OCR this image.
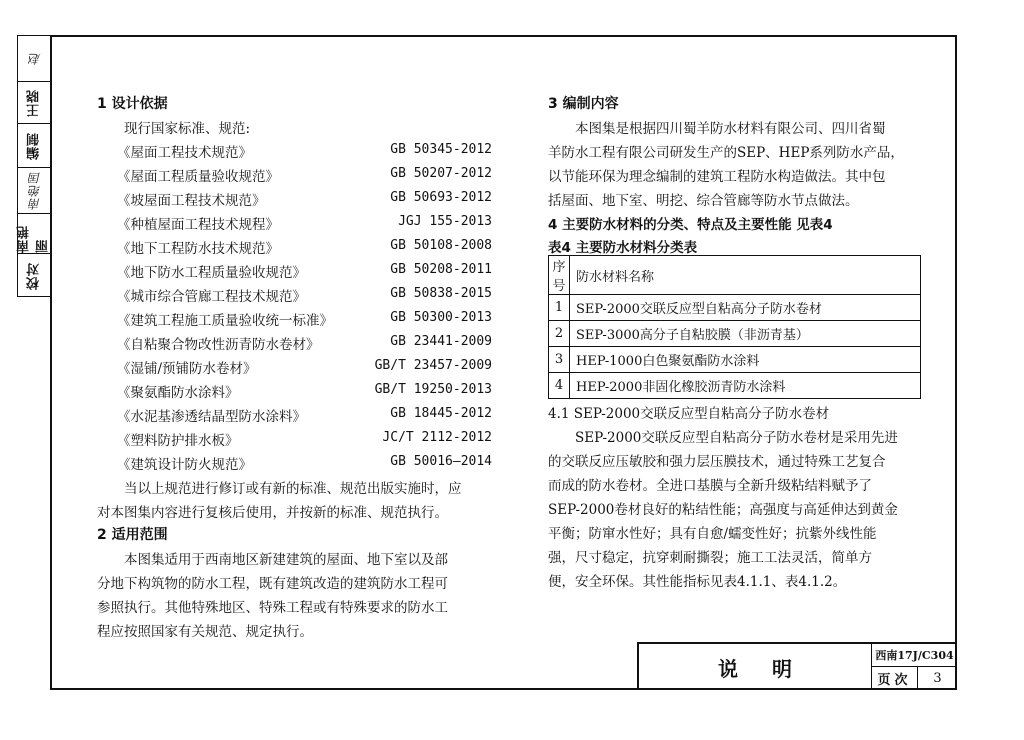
赵
王晓
编制
南绝国
南艳丽
校对
1 设计依据
现行国家标准、规范:
《屋面工程技术规范》	GB 50345-2012
《屋面工程质量验收规范》	GB 50207-2012
《坡屋面工程技术规范》	GB 50693-2012
《种植屋面工程技术规程》	JGJ 155-2013
《地下工程防水技术规范》	GB 50108-2008
《地下防水工程质量验收规范》	GB 50208-2011
《城市综合管廊工程技术规范》	GB 50838-2015
《建筑工程施工质量验收统一标准》	GB 50300-2013
《自粘聚合物改性沥青防水卷材》	GB 23441-2009
《湿铺/预铺防水卷材》	GB/T 23457-2009
《聚氨酯防水涂料》	GB/T 19250-2013
《水泥基渗透结晶型防水涂料》	GB 18445-2012
《塑料防护排水板》	JC/T 2112-2012
《建筑设计防火规范》	GB 50016—2014
当以上规范进行修订或有新的标准、规范出版实施时，应
对本图集内容进行复核后使用，并按新的标准、规范执行。
2 适用范围
本图集适用于西南地区新建建筑的屋面、地下室以及部
分地下构筑物的防水工程，既有建筑改造的建筑防水工程可
参照执行。其他特殊地区、特殊工程或有特殊要求的防水工
程应按照国家有关规范、规定执行。
3 编制内容
本图集是根据四川蜀羊防水材料有限公司、四川省蜀
羊防水工程有限公司研发生产的SEP、HEP系列防水产品，
以节能环保为理念编制的建筑工程防水构造做法。其中包
括屋面、地下室、明挖、综合管廊等防水节点做法。
4 主要防水材料的分类、特点及主要性能 见表4
表4 主要防水材料分类表
序号	防水材料名称
1	SEP-2000交联反应型自粘高分子防水卷材
2	SEP-3000高分子自粘胶膜（非沥青基）
3	HEP-1000白色聚氨酯防水涂料
4	HEP-2000非固化橡胶沥青防水涂料
4.1 SEP-2000交联反应型自粘高分子防水卷材
SEP-2000交联反应型自粘高分子防水卷材是采用先进
的交联反应压敏胶和强力层压膜技术，通过特殊工艺复合
而成的防水卷材。全进口基膜与全新升级粘结料赋予了
SEP-2000卷材良好的粘结性能；高强度与高延伸达到黄金
平衡；防窜水性好；具有自愈/蠕变性好；抗紫外线性能
强，尺寸稳定，抗穿刺耐撕裂；施工工法灵活，简单方
便，安全环保。其性能指标见表4.1.1、表4.1.2。
说明
西南17J/C304
页次	3
